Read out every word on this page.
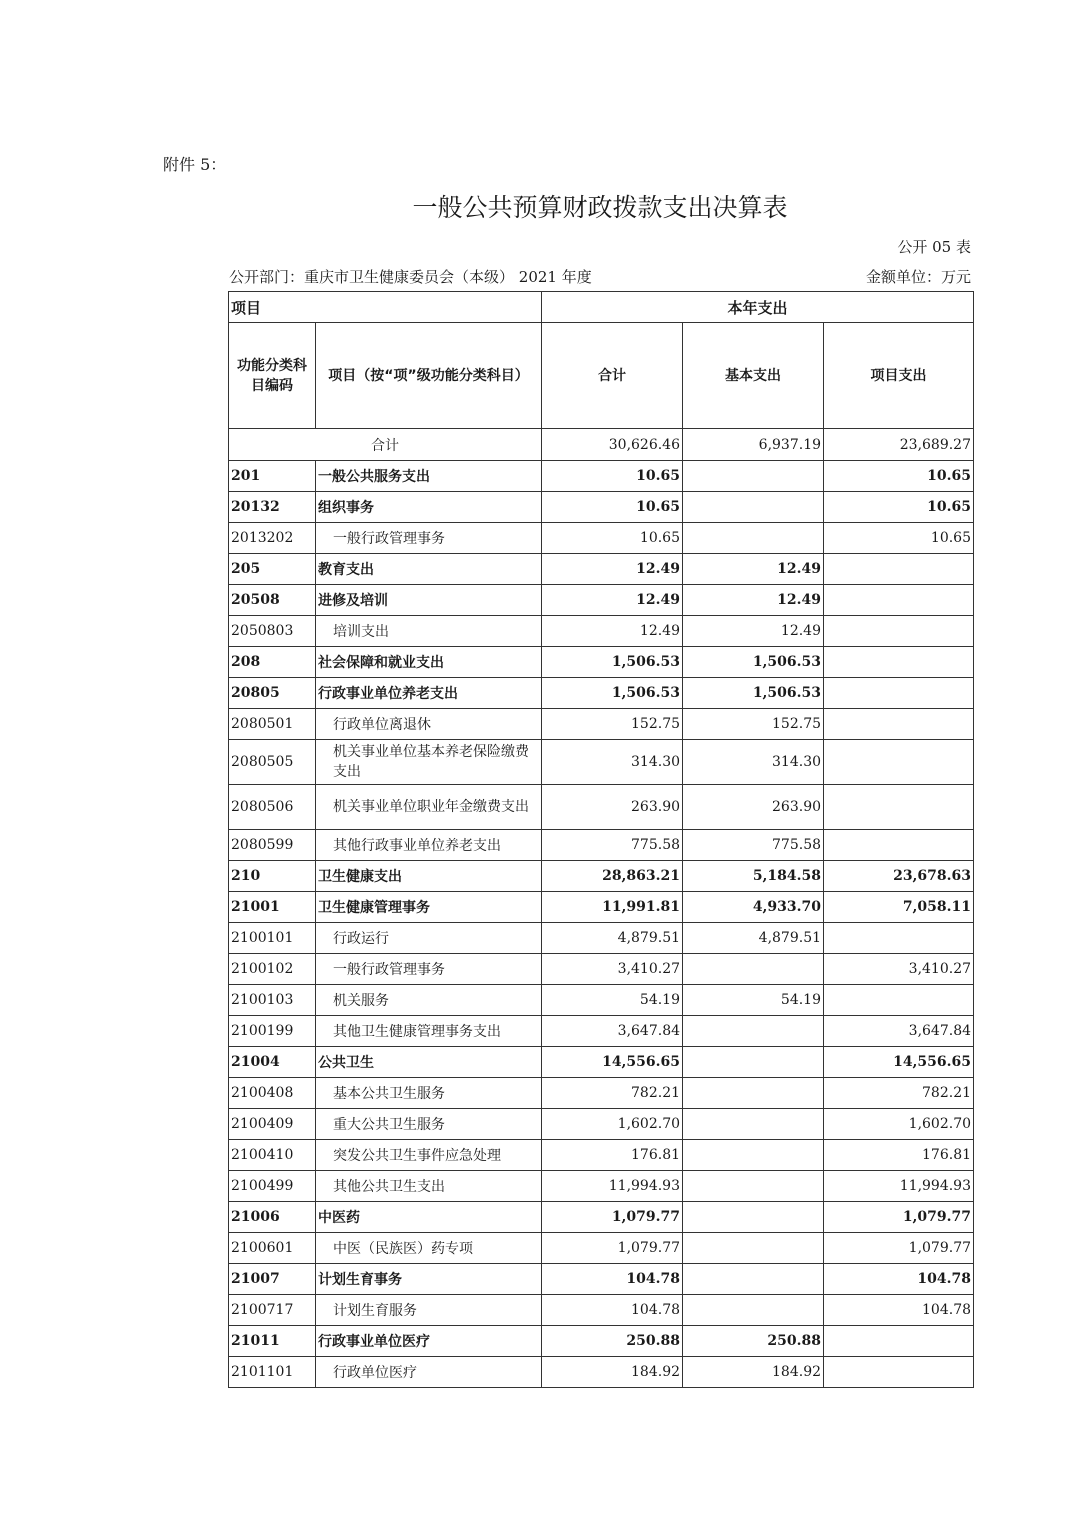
附件 5：
一般公共预算财政拨款支出决算表
公开 05 表
公开部门：重庆市卫生健康委员会（本级） 2021 年度	金额单位：万元
项目		本年支出		
功能分类科目编码	项目（按“项”级功能分类科目）	合计	基本支出	项目支出
合计		30,626.46	6,937.19	23,689.27
201	一般公共服务支出	10.65		10.65
20132	组织事务	10.65		10.65
2013202	一般行政管理事务	10.65		10.65
205	教育支出	12.49	12.49	
20508	进修及培训	12.49	12.49	
2050803	培训支出	12.49	12.49	
208	社会保障和就业支出	1,506.53	1,506.53	
20805	行政事业单位养老支出	1,506.53	1,506.53	
2080501	行政单位离退休	152.75	152.75	
2080505	机关事业单位基本养老保险缴费支出	314.30	314.30	
2080506	机关事业单位职业年金缴费支出	263.90	263.90	
2080599	其他行政事业单位养老支出	775.58	775.58	
210	卫生健康支出	28,863.21	5,184.58	23,678.63
21001	卫生健康管理事务	11,991.81	4,933.70	7,058.11
2100101	行政运行	4,879.51	4,879.51	
2100102	一般行政管理事务	3,410.27		3,410.27
2100103	机关服务	54.19	54.19	
2100199	其他卫生健康管理事务支出	3,647.84		3,647.84
21004	公共卫生	14,556.65		14,556.65
2100408	基本公共卫生服务	782.21		782.21
2100409	重大公共卫生服务	1,602.70		1,602.70
2100410	突发公共卫生事件应急处理	176.81		176.81
2100499	其他公共卫生支出	11,994.93		11,994.93
21006	中医药	1,079.77		1,079.77
2100601	中医（民族医）药专项	1,079.77		1,079.77
21007	计划生育事务	104.78		104.78
2100717	计划生育服务	104.78		104.78
21011	行政事业单位医疗	250.88	250.88	
2101101	行政单位医疗	184.92	184.92	
